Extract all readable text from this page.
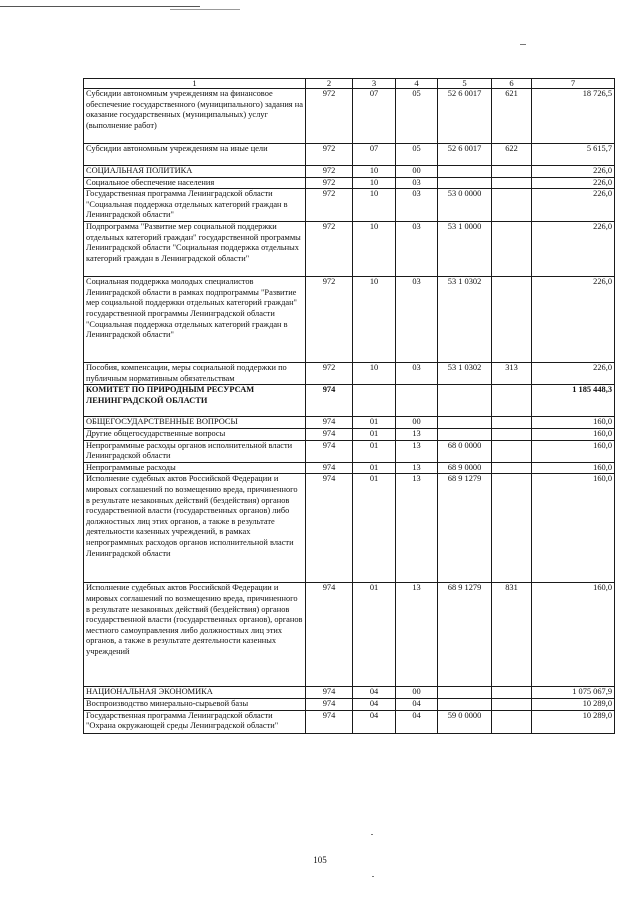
1	2	3	4	5	6	7
Субсидии автономным учреждениям на финансовое обеспечение государственного (муниципального) задания на оказание государственных (муниципальных) услуг (выполнение работ)	972	07	05	52 6 0017	621	18 726,5
Субсидии автономным учреждениям на иные цели	972	07	05	52 6 0017	622	5 615,7
СОЦИАЛЬНАЯ ПОЛИТИКА	972	10	00			226,0
Социальное обеспечение населения	972	10	03			226,0
Государственная программа Ленинградской области "Социальная поддержка отдельных категорий граждан в Ленинградской области"	972	10	03	53 0 0000		226,0
Подпрограмма "Развитие мер социальной поддержки отдельных категорий граждан" государственной программы Ленинградской области "Социальная поддержка отдельных категорий граждан в Ленинградской области"	972	10	03	53 1 0000		226,0
Социальная поддержка молодых специалистов Ленинградской области в рамках подпрограммы "Развитие мер социальной поддержки отдельных категорий граждан" государственной программы Ленинградской области "Социальная поддержка отдельных категорий граждан в Ленинградской области"	972	10	03	53 1 0302		226,0
Пособия, компенсации, меры социальной поддержки по публичным нормативным обязательствам	972	10	03	53 1 0302	313	226,0
КОМИТЕТ ПО ПРИРОДНЫМ РЕСУРСАМ ЛЕНИНГРАДСКОЙ ОБЛАСТИ	974					1 185 448,3
ОБЩЕГОСУДАРСТВЕННЫЕ ВОПРОСЫ	974	01	00			160,0
Другие общегосударственные вопросы	974	01	13			160,0
Непрограммные расходы органов исполнительной власти Ленинградской области	974	01	13	68 0 0000		160,0
Непрограммные расходы	974	01	13	68 9 0000		160,0
Исполнение судебных актов Российской Федерации и мировых соглашений по возмещению вреда, причиненного в результате незаконных действий (бездействия) органов государственной власти (государственных органов) либо должностных лиц этих органов, а также в результате деятельности казенных учреждений, в рамках непрограммных расходов органов исполнительной власти Ленинградской области	974	01	13	68 9 1279		160,0
Исполнение судебных актов Российской Федерации и мировых соглашений по возмещению вреда, причиненного в результате незаконных действий (бездействия) органов государственной власти (государственных органов), органов местного самоуправления либо должностных лиц этих органов, а также в результате деятельности казенных учреждений	974	01	13	68 9 1279	831	160,0
НАЦИОНАЛЬНАЯ ЭКОНОМИКА	974	04	00			1 075 067,9
Воспроизводство минерально-сырьевой базы	974	04	04			10 289,0
Государственная программа Ленинградской области "Охрана окружающей среды Ленинградской области"	974	04	04	59 0 0000		10 289,0
105
